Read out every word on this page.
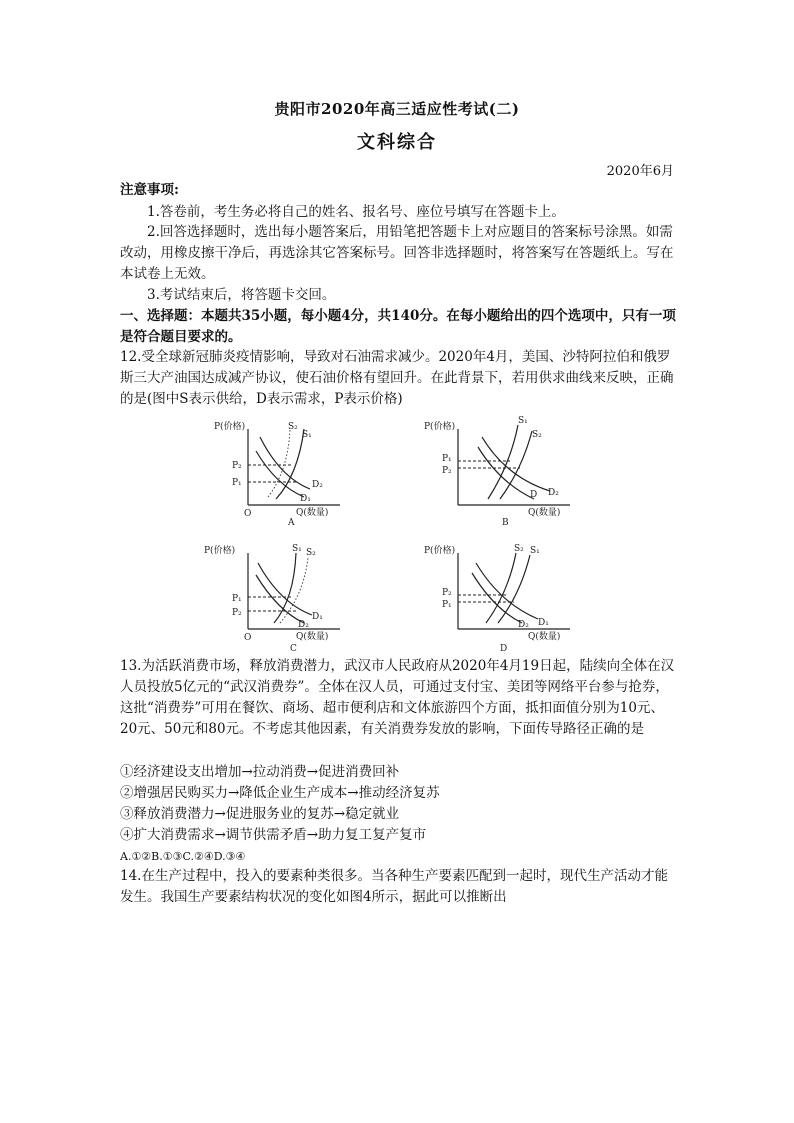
贵阳市2020年高三适应性考试(二)
文科综合
2020年6月
注意事项:
1.答卷前，考生务必将自己的姓名、报名号、座位号填写在答题卡上。
2.回答选择题时，选出每小题答案后，用铅笔把答题卡上对应题目的答案标号涂黑。如需改动，用橡皮擦干净后，再选涂其它答案标号。回答非选择题时，将答案写在答题纸上。写在本试卷上无效。
3.考试结束后，将答题卡交回。
一、选择题：本题共35小题，每小题4分，共140分。在每小题给出的四个选项中，只有一项是符合题目要求的。
12.受全球新冠肺炎疫情影响，导致对石油需求减少。2020年4月，美国、沙特阿拉伯和俄罗斯三大产油国达成减产协议，使石油价格有望回升。在此背景下，若用供求曲线来反映，正确的是(图中S表示供给，D表示需求，P表示价格)
P(价格)
Q(数量)
O
P₂
P₁
S₂
S₁
D₂
D₁
A
P(价格)
Q(数量)
P₁
P₂
S₁
S₂
D₂
D
B
P(价格)
Q(数量)
O
P₁
P₂
S₁ S₂
D₁
D₂
C
P(价格)
Q(数量)
P₂
P₁
S₂ S₁
D₁
D₂
D
13.为活跃消费市场，释放消费潜力，武汉市人民政府从2020年4月19日起，陆续向全体在汉人员投放5亿元的“武汉消费券”。全体在汉人员，可通过支付宝、美团等网络平台参与抢券，这批“消费券”可用在餐饮、商场、超市便利店和文体旅游四个方面，抵扣面值分别为10元、20元、50元和80元。不考虑其他因素，有关消费券发放的影响，下面传导路径正确的是
①经济建设支出增加→拉动消费→促进消费回补
②增强居民购买力→降低企业生产成本→推动经济复苏
③释放消费潜力→促进服务业的复苏→稳定就业
④扩大消费需求→调节供需矛盾→助力复工复产复市
A.①②B.①③C.②④D.③④
14.在生产过程中，投入的要素种类很多。当各种生产要素匹配到一起时，现代生产活动才能发生。我国生产要素结构状况的变化如图4所示，据此可以推断出
